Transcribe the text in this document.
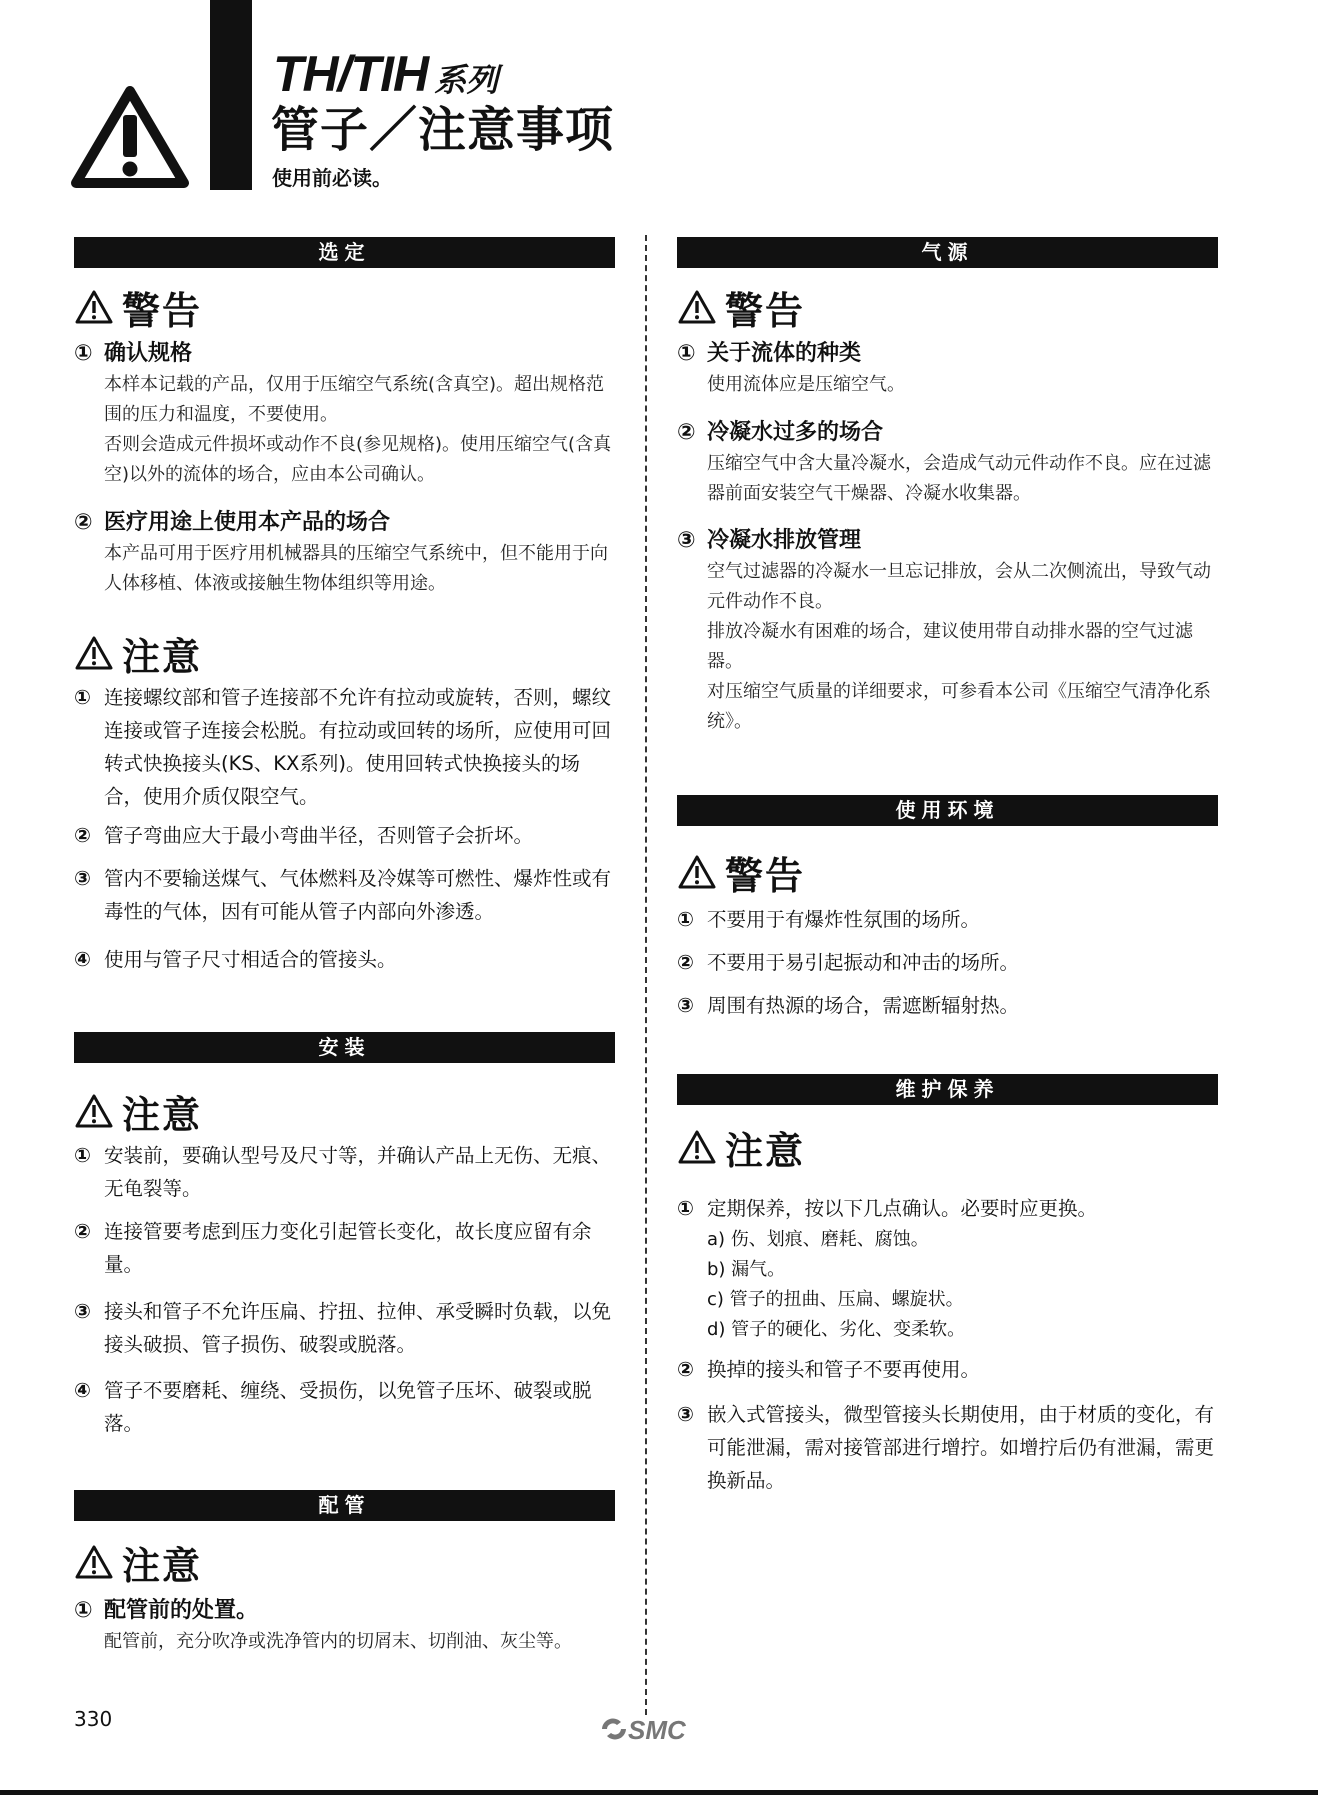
TH/TIH 系列
管子／注意事项
使用前必读。
选定
警告
① 确认规格

本样本记载的产品，仅用于压缩空气系统(含真空)。超出规格范围的压力和温度，不要使用。

否则会造成元件损坏或动作不良(参见规格)。使用压缩空气(含真空)以外的流体的场合，应由本公司确认。

② 医疗用途上使用本产品的场合

本产品可用于医疗用机械器具的压缩空气系统中，但不能用于向人体移植、体液或接触生物体组织等用途。

注意
① 连接螺纹部和管子连接部不允许有拉动或旋转，否则，螺纹连接或管子连接会松脱。有拉动或回转的场所，应使用可回转式快换接头(KS、KX系列)。使用回转式快换接头的场合，使用介质仅限空气。
② 管子弯曲应大于最小弯曲半径，否则管子会折坏。
③ 管内不要输送煤气、气体燃料及冷媒等可燃性、爆炸性或有毒性的气体，因有可能从管子内部向外渗透。
④ 使用与管子尺寸相适合的管接头。
安装
注意
① 安装前，要确认型号及尺寸等，并确认产品上无伤、无痕、无龟裂等。
② 连接管要考虑到压力变化引起管长变化，故长度应留有余量。
③ 接头和管子不允许压扁、拧扭、拉伸、承受瞬时负载，以免接头破损、管子损伤、破裂或脱落。
④ 管子不要磨耗、缠绕、受损伤，以免管子压坏、破裂或脱落。
配管
注意
① 配管前的处置。

配管前，充分吹净或洗净管内的切屑末、切削油、灰尘等。

气源
警告
① 关于流体的种类

使用流体应是压缩空气。

② 冷凝水过多的场合

压缩空气中含大量冷凝水，会造成气动元件动作不良。应在过滤器前面安装空气干燥器、冷凝水收集器。

③ 冷凝水排放管理

空气过滤器的冷凝水一旦忘记排放，会从二次侧流出，导致气动元件动作不良。

排放冷凝水有困难的场合，建议使用带自动排水器的空气过滤器。

对压缩空气质量的详细要求，可参看本公司《压缩空气清净化系统》。

使用环境
警告
① 不要用于有爆炸性氛围的场所。
② 不要用于易引起振动和冲击的场所。
③ 周围有热源的场合，需遮断辐射热。
维护保养
注意
① 定期保养，按以下几点确认。必要时应更换。
a) 伤、划痕、磨耗、腐蚀。
b) 漏气。
c) 管子的扭曲、压扁、螺旋状。
d) 管子的硬化、劣化、变柔软。
② 换掉的接头和管子不要再使用。
③ 嵌入式管接头，微型管接头长期使用，由于材质的变化，有可能泄漏，需对接管部进行增拧。如增拧后仍有泄漏，需更换新品。
330	SMC
